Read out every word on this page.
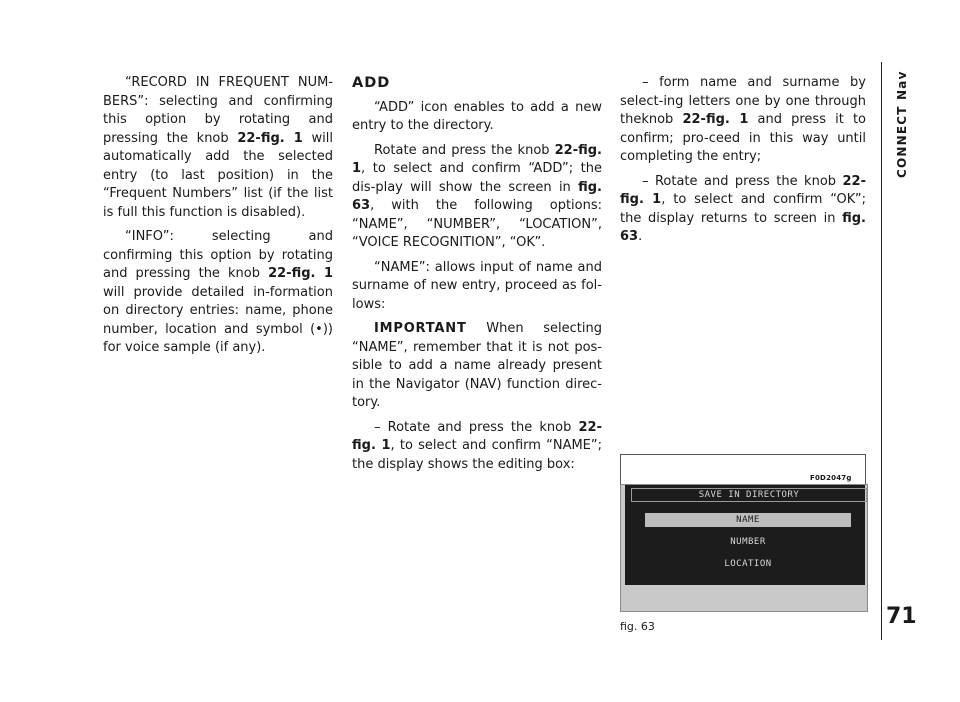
“RECORD IN FREQUENT NUM-BERS”: selecting and confirming this option by rotating and pressing the knob 22-fig. 1 will automatically add the selected entry (to last position) in the “Frequent Numbers” list (if the list is full this function is disabled).

“INFO”: selecting and confirming this option by rotating and pressing the knob 22-fig. 1 will provide detailed in-formation on directory entries: name, phone number, location and symbol (•)) for voice sample (if any).

ADD

“ADD” icon enables to add a new entry to the directory.

Rotate and press the knob 22-fig. 1, to select and confirm “ADD”; the dis-play will show the screen in fig. 63, with the following options: “NAME”, “NUMBER”, “LOCATION”, “VOICE RECOGNITION”, “OK”.

“NAME”: allows input of name and surname of new entry, proceed as fol-lows:

IMPORTANT When selecting “NAME”, remember that it is not pos-sible to add a name already present in the Navigator (NAV) function direc-tory.

– Rotate and press the knob 22-fig. 1, to select and confirm “NAME”; the display shows the editing box:

– form name and surname by select-ing letters one by one through theknob 22-fig. 1 and press it to confirm; pro-ceed in this way until completing the entry;

– Rotate and press the knob 22-fig. 1, to select and confirm “OK”; the display returns to screen in fig. 63.

F0D2047g
SAVE IN DIRECTORY
NAME
NUMBER
LOCATION
fig. 63
CONNECT Nav
71
